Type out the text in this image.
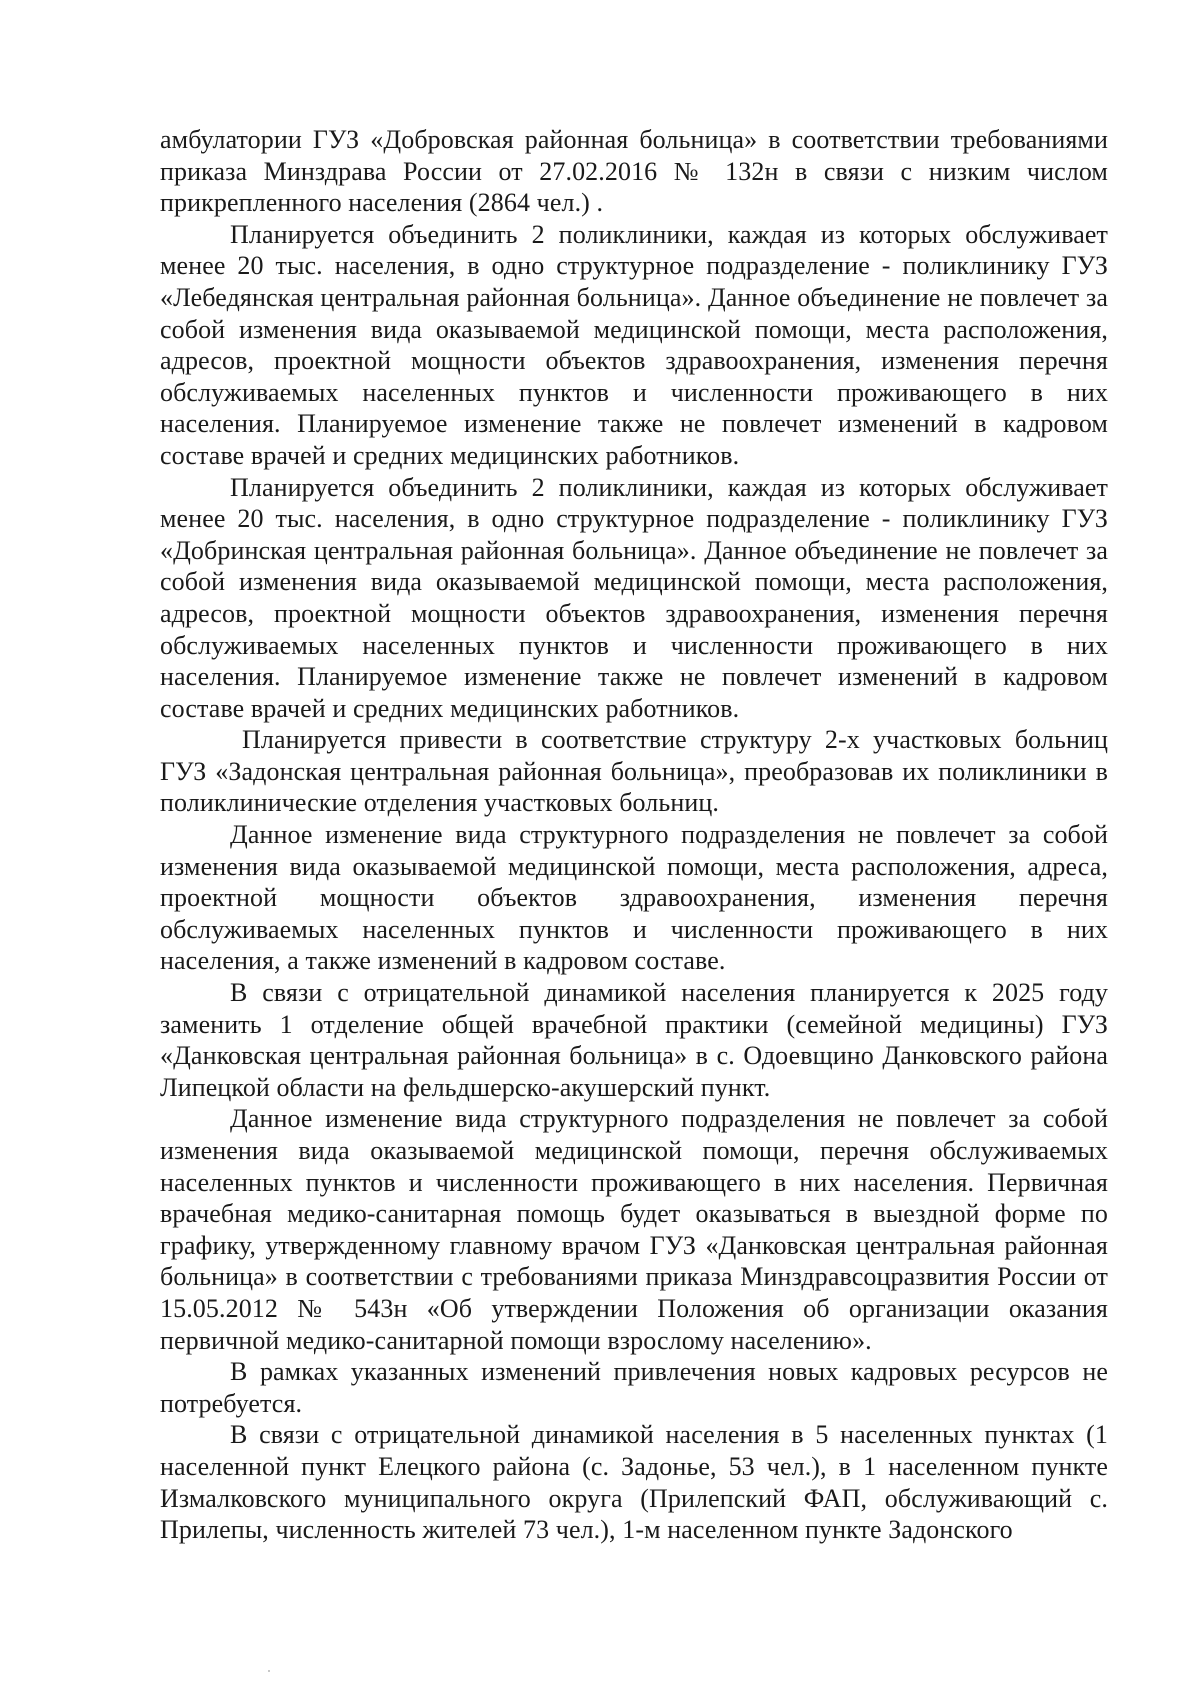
амбулатории ГУЗ «Добровская районная больница» в соответствии требованиями приказа Минздрава России от 27.02.2016 № 132н в связи с низким числом прикрепленного населения (2864 чел.) .

Планируется объединить 2 поликлиники, каждая из которых обслуживает менее 20 тыс. населения, в одно структурное подразделение - поликлинику ГУЗ «Лебедянская центральная районная больница». Данное объединение не повлечет за собой изменения вида оказываемой медицинской помощи, места расположения, адресов, проектной мощности объектов здравоохранения, изменения перечня обслуживаемых населенных пунктов и численности проживающего в них населения. Планируемое изменение также не повлечет изменений в кадровом составе врачей и средних медицинских работников.

Планируется объединить 2 поликлиники, каждая из которых обслуживает менее 20 тыс. населения, в одно структурное подразделение - поликлинику ГУЗ «Добринская центральная районная больница». Данное объединение не повлечет за собой изменения вида оказываемой медицинской помощи, места расположения, адресов, проектной мощности объектов здравоохранения, изменения перечня обслуживаемых населенных пунктов и численности проживающего в них населения. Планируемое изменение также не повлечет изменений в кадровом составе врачей и средних медицинских работников.

Планируется привести в соответствие структуру 2-х участковых больниц ГУЗ «Задонская центральная районная больница», преобразовав их поликлиники в поликлинические отделения участковых больниц.

Данное изменение вида структурного подразделения не повлечет за собой изменения вида оказываемой медицинской помощи, места расположения, адреса, проектной мощности объектов здравоохранения, изменения перечня обслуживаемых населенных пунктов и численности проживающего в них населения, а также изменений в кадровом составе.

В связи с отрицательной динамикой населения планируется к 2025 году заменить 1 отделение общей врачебной практики (семейной медицины) ГУЗ «Данковская центральная районная больница» в с. Одоевщино Данковского района Липецкой области на фельдшерско-акушерский пункт.

Данное изменение вида структурного подразделения не повлечет за собой изменения вида оказываемой медицинской помощи, перечня обслуживаемых населенных пунктов и численности проживающего в них населения. Первичная врачебная медико-санитарная помощь будет оказываться в выездной форме по графику, утвержденному главному врачом ГУЗ «Данковская центральная районная больница» в соответствии с требованиями приказа Минздравсоцразвития России от 15.05.2012 № 543н «Об утверждении Положения об организации оказания первичной медико-санитарной помощи взрослому населению».

В рамках указанных изменений привлечения новых кадровых ресурсов не потребуется.

В связи с отрицательной динамикой населения в 5 населенных пунктах (1 населенной пункт Елецкого района (с. Задонье, 53 чел.), в 1 населенном пункте Измалковского муниципального округа (Прилепский ФАП, обслуживающий с. Прилепы, численность жителей 73 чел.), 1-м населенном пункте Задонского
